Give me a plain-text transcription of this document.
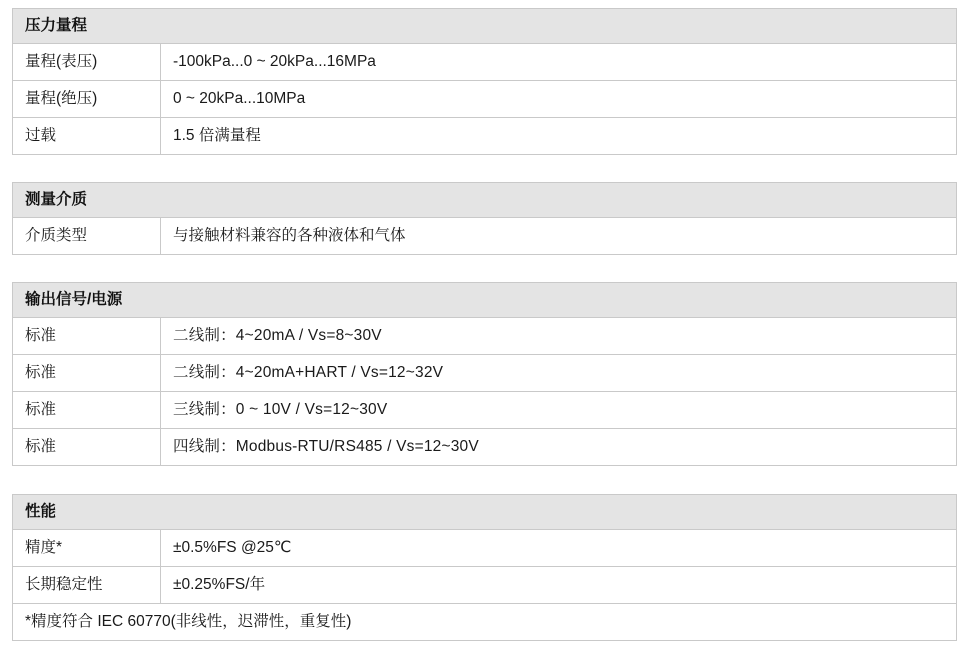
压力量程	
量程(表压)	-100kPa...0 ~ 20kPa...16MPa
量程(绝压)	0 ~ 20kPa...10MPa
过载	1.5 倍满量程
测量介质
介质类型	与接触材料兼容的各种液体和气体
输出信号/电源	
标准	二线制：4~20mA / Vs=8~30V
标准	二线制：4~20mA+HART / Vs=12~32V
标准	三线制：0 ~ 10V / Vs=12~30V
标准	四线制：Modbus-RTU/RS485 / Vs=12~30V
性能	
精度*	±0.5%FS @25℃
长期稳定性	±0.25%FS/年
*精度符合 IEC 60770(非线性，迟滞性，重复性)	
